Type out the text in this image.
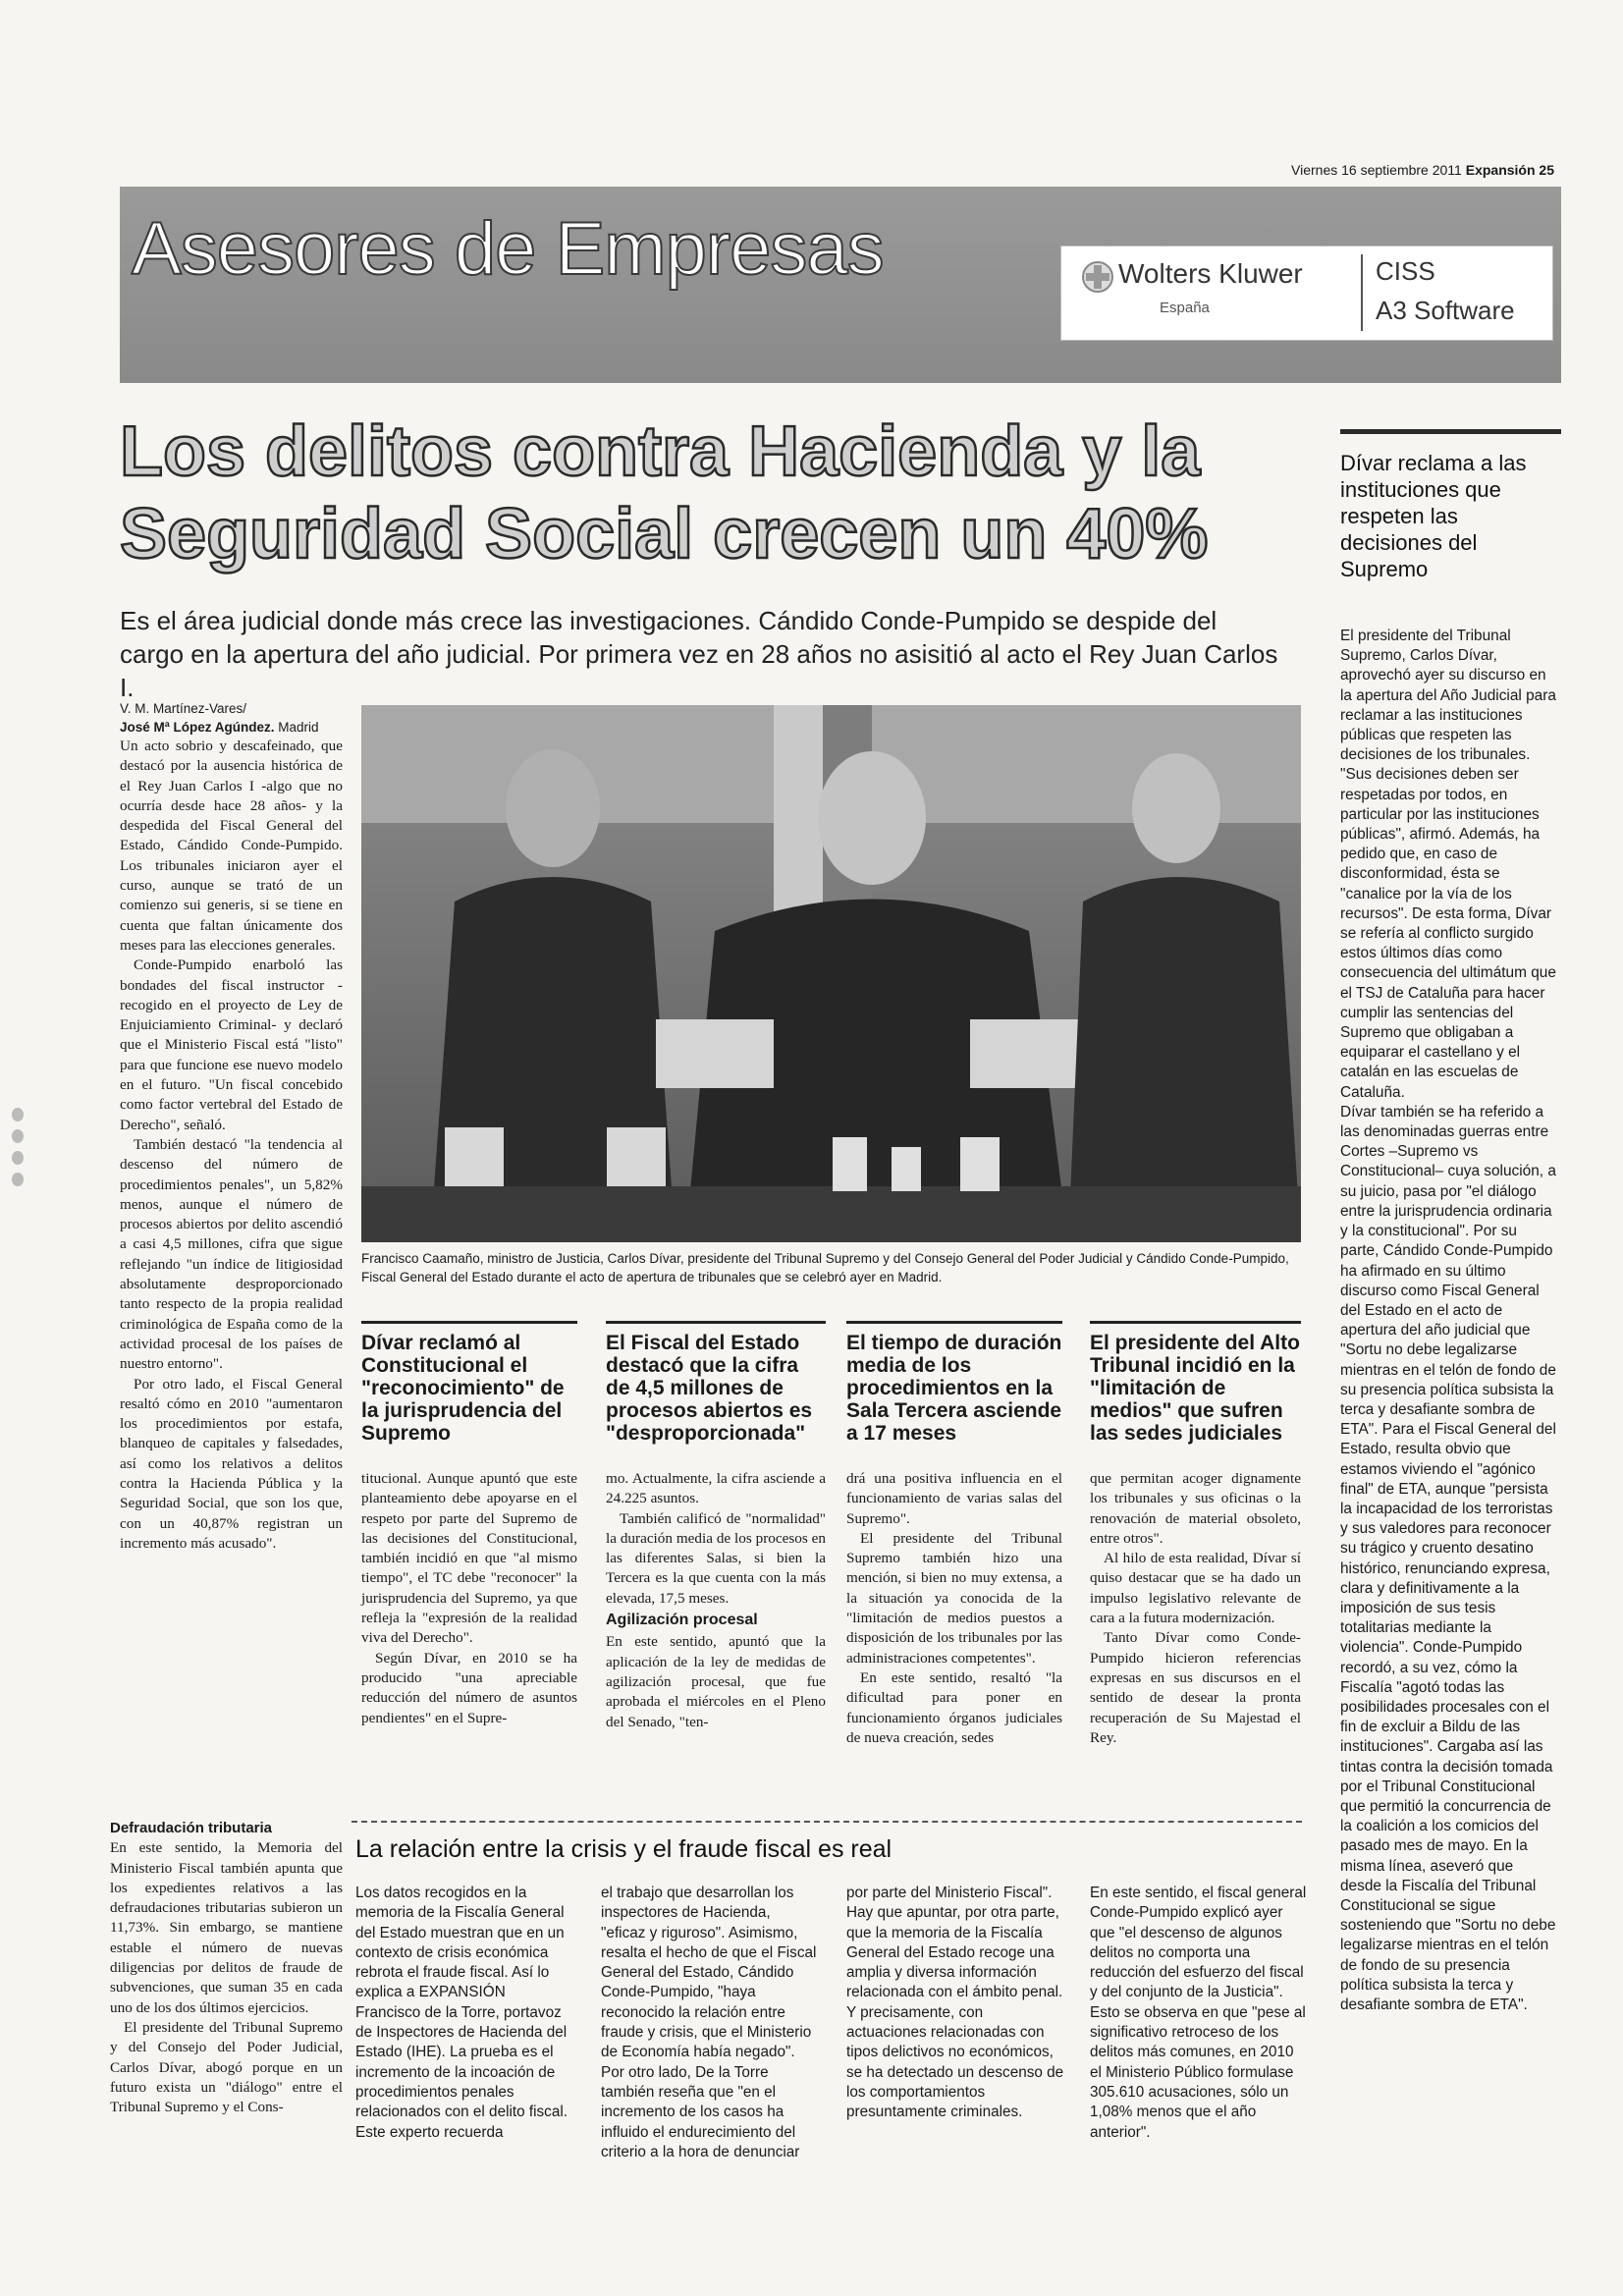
Viernes 16 septiembre 2011 Expansión 25
Asesores de Empresas	Wolters Kluwer
España
CISS
A3 Software
Los delitos contra Hacienda y la Seguridad Social crecen un 40%
Es el área judicial donde más crece las investigaciones. Cándido Conde-Pumpido se despide del cargo en la apertura del año judicial. Por primera vez en 28 años no asisitió al acto el Rey Juan Carlos I.
V. M. Martínez-Vares/
José Mª López Agúndez. Madrid

Un acto sobrio y descafeinado, que destacó por la ausencia histórica de el Rey Juan Carlos I -algo que no ocurría desde hace 28 años- y la despedida del Fiscal General del Estado, Cándido Conde-Pumpido. Los tribunales iniciaron ayer el curso, aunque se trató de un comienzo sui generis, si se tiene en cuenta que faltan únicamente dos meses para las elecciones generales.

Conde-Pumpido enarboló las bondades del fiscal instructor -recogido en el proyecto de Ley de Enjuiciamiento Criminal- y declaró que el Ministerio Fiscal está "listo" para que funcione ese nuevo modelo en el futuro. "Un fiscal concebido como factor vertebral del Estado de Derecho", señaló.

También destacó "la tendencia al descenso del número de procedimientos penales", un 5,82% menos, aunque el número de procesos abiertos por delito ascendió a casi 4,5 millones, cifra que sigue reflejando "un índice de litigiosidad absolutamente desproporcionado tanto respecto de la propia realidad criminológica de España como de la actividad procesal de los países de nuestro entorno".

Por otro lado, el Fiscal General resaltó cómo en 2010 "aumentaron los procedimientos por estafa, blanqueo de capitales y falsedades, así como los relativos a delitos contra la Hacienda Pública y la Seguridad Social, que son los que, con un 40,87% registran un incremento más acusado".

Defraudación tributaria

En este sentido, la Memoria del Ministerio Fiscal también apunta que los expedientes relativos a las defraudaciones tributarias subieron un 11,73%. Sin embargo, se mantiene estable el número de nuevas diligencias por delitos de fraude de subvenciones, que suman 35 en cada uno de los dos últimos ejercicios.

El presidente del Tribunal Supremo y del Consejo del Poder Judicial, Carlos Dívar, abogó porque en un futuro exista un "diálogo" entre el Tribunal Supremo y el Cons-

Francisco Caamaño, ministro de Justicia, Carlos Dívar, presidente del Tribunal Supremo y del Consejo General del Poder Judicial y Cándido Conde-Pumpido, Fiscal General del Estado durante el acto de apertura de tribunales que se celebró ayer en Madrid.
Dívar reclamó al Constitucional el "reconocimiento" de la jurisprudencia del Supremo
El Fiscal del Estado destacó que la cifra de 4,5 millones de procesos abiertos es "desproporcionada"
El tiempo de duración media de los procedimientos en la Sala Tercera asciende a 17 meses
El presidente del Alto Tribunal incidió en la "limitación de medios" que sufren las sedes judiciales

titucional. Aunque apuntó que este planteamiento debe apoyarse en el respeto por parte del Supremo de las decisiones del Constitucional, también incidió en que "al mismo tiempo", el TC debe "reconocer" la jurisprudencia del Supremo, ya que refleja la "expresión de la realidad viva del Derecho".

Según Dívar, en 2010 se ha producido "una apreciable reducción del número de asuntos pendientes" en el Supre-

mo. Actualmente, la cifra asciende a 24.225 asuntos.

También calificó de "normalidad" la duración media de los procesos en las diferentes Salas, si bien la Tercera es la que cuenta con la más elevada, 17,5 meses.

Agilización procesal

En este sentido, apuntó que la aplicación de la ley de medidas de agilización procesal, que fue aprobada el miércoles en el Pleno del Senado, "ten-

drá una positiva influencia en el funcionamiento de varias salas del Supremo".

El presidente del Tribunal Supremo también hizo una mención, si bien no muy extensa, a la situación ya conocida de la "limitación de medios puestos a disposición de los tribunales por las administraciones competentes".

En este sentido, resaltó "la dificultad para poner en funcionamiento órganos judiciales de nueva creación, sedes

que permitan acoger dignamente los tribunales y sus oficinas o la renovación de material obsoleto, entre otros".

Al hilo de esta realidad, Dívar sí quiso destacar que se ha dado un impulso legislativo relevante de cara a la futura modernización.

Tanto Dívar como Conde-Pumpido hicieron referencias expresas en sus discursos en el sentido de desear la pronta recuperación de Su Majestad el Rey.

La relación entre la crisis y el fraude fiscal es real
Los datos recogidos en la memoria de la Fiscalía General del Estado muestran que en un contexto de crisis económica rebrota el fraude fiscal. Así lo explica a EXPANSIÓN Francisco de la Torre, portavoz de Inspectores de Hacienda del Estado (IHE). La prueba es el incremento de la incoación de procedimientos penales relacionados con el delito fiscal. Este experto recuerda
el trabajo que desarrollan los inspectores de Hacienda, "eficaz y riguroso". Asimismo, resalta el hecho de que el Fiscal General del Estado, Cándido Conde-Pumpido, "haya reconocido la relación entre fraude y crisis, que el Ministerio de Economía había negado". Por otro lado, De la Torre también reseña que "en el incremento de los casos ha influido el endurecimiento del criterio a la hora de denunciar
por parte del Ministerio Fiscal". Hay que apuntar, por otra parte, que la memoria de la Fiscalía General del Estado recoge una amplia y diversa información relacionada con el ámbito penal. Y precisamente, con actuaciones relacionadas con tipos delictivos no económicos, se ha detectado un descenso de los comportamientos presuntamente criminales.
En este sentido, el fiscal general Conde-Pumpido explicó ayer que "el descenso de algunos delitos no comporta una reducción del esfuerzo del fiscal y del conjunto de la Justicia". Esto se observa en que "pese al significativo retroceso de los delitos más comunes, en 2010 el Ministerio Público formulase 305.610 acusaciones, sólo un 1,08% menos que el año anterior".
Dívar reclama a las instituciones que respeten las decisiones del Supremo

El presidente del Tribunal Supremo, Carlos Dívar, aprovechó ayer su discurso en la apertura del Año Judicial para reclamar a las instituciones públicas que respeten las decisiones de los tribunales. "Sus decisiones deben ser respetadas por todos, en particular por las instituciones públicas", afirmó. Además, ha pedido que, en caso de disconformidad, ésta se "canalice por la vía de los recursos". De esta forma, Dívar se refería al conflicto surgido estos últimos días como consecuencia del ultimátum que el TSJ de Cataluña para hacer cumplir las sentencias del Supremo que obligaban a equiparar el castellano y el catalán en las escuelas de Cataluña.

Dívar también se ha referido a las denominadas guerras entre Cortes –Supremo vs Constitucional– cuya solución, a su juicio, pasa por "el diálogo entre la jurisprudencia ordinaria y la constitucional". Por su parte, Cándido Conde-Pumpido ha afirmado en su último discurso como Fiscal General del Estado en el acto de apertura del año judicial que "Sortu no debe legalizarse mientras en el telón de fondo de su presencia política subsista la terca y desafiante sombra de ETA". Para el Fiscal General del Estado, resulta obvio que estamos viviendo el "agónico final" de ETA, aunque "persista la incapacidad de los terroristas y sus valedores para reconocer su trágico y cruento desatino histórico, renunciando expresa, clara y definitivamente a la imposición de sus tesis totalitarias mediante la violencia". Conde-Pumpido recordó, a su vez, cómo la Fiscalía "agotó todas las posibilidades procesales con el fin de excluir a Bildu de las instituciones". Cargaba así las tintas contra la decisión tomada por el Tribunal Constitucional que permitió la concurrencia de la coalición a los comicios del pasado mes de mayo. En la misma línea, aseveró que desde la Fiscalía del Tribunal Constitucional se sigue sosteniendo que "Sortu no debe legalizarse mientras en el telón de fondo de su presencia política subsista la terca y desafiante sombra de ETA".
